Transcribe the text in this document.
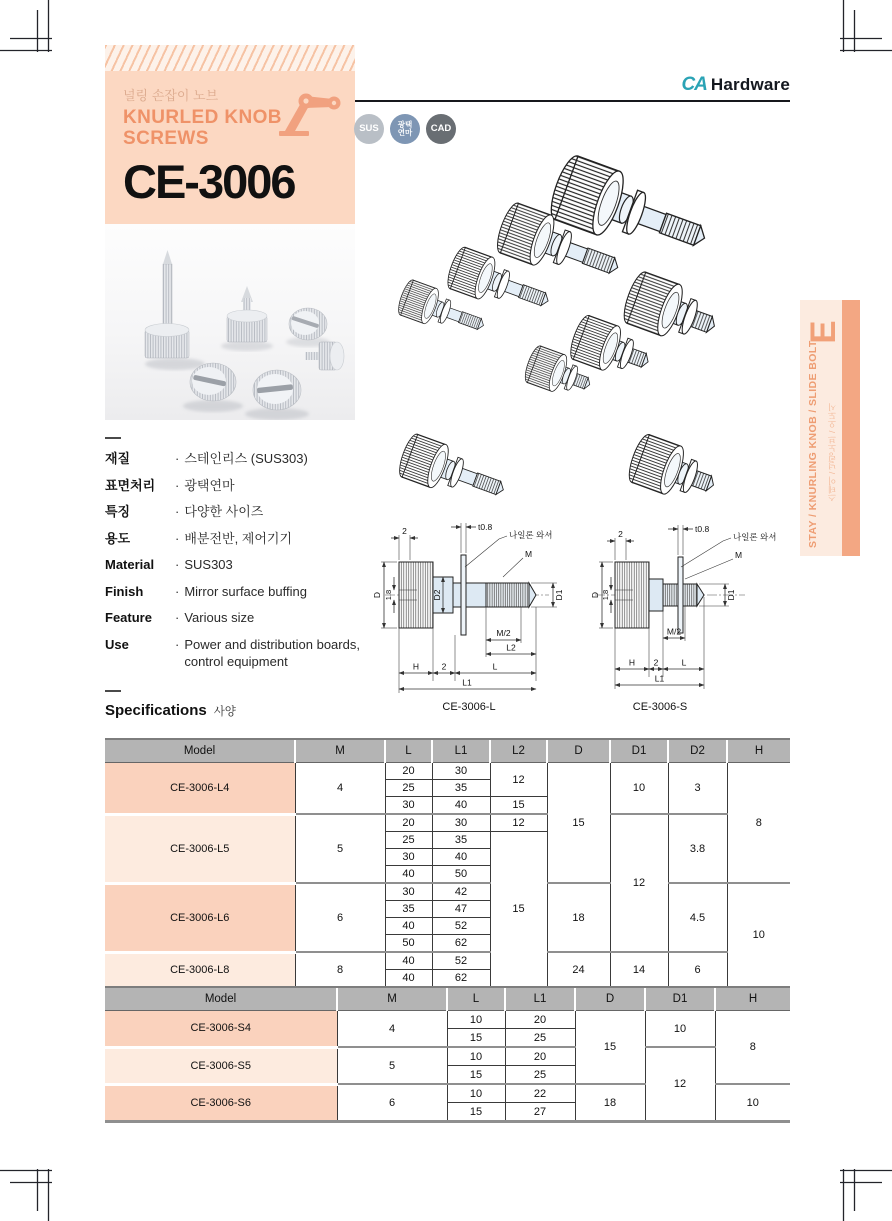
CA Hardware
널링 손잡이 노브
KNURLED KNOB
SCREWS
CE-3006
SUS	광택
연마 CAD
E
STAY / KNURLING KNOB / SLIDE BOLT 스테이 / 널링노브 / 오도시
재질	· 스테인리스 (SUS303)
표면처리	· 광택연마
특징	· 다양한 사이즈
용도	· 배분전반, 제어기기
Material	· SUS303
Finish	· Mirror surface buffing
Feature	· Various size
Use	· Power and distribution boards, control equipment
2	t0.8
나일론 와셔
M
D 1.8	D2	D1
M/2
L2
H	2	L
L1
CE-3006-L
2	t0.8
나일론 와셔
M
D 1.8	D1
M/2
H 2	L
L1
CE-3006-S
Specifications 사양
Model	M	L	L1	L2	D	D1	D2	H
CE-3006-L4	4	20	30	12	15	10	3	8
		25	35					
		30	40	15				
CE-3006-L5	5	20	30	12		12	3.8	
		25	35	15				
		30	40					
		40	50					
CE-3006-L6	6	30	42		18		4.5	10
		35	47					
		40	52					
		50	62					
CE-3006-L8	8	40	52		24	14	6	
		40	62					
Model	M	L	L1	D	D1	H
CE-3006-S4	4	10	20	15	10	8
		15	25			
CE-3006-S5	5	10	20		12	
		15	25			
CE-3006-S6	6	10	22	18		10
		15	27			
